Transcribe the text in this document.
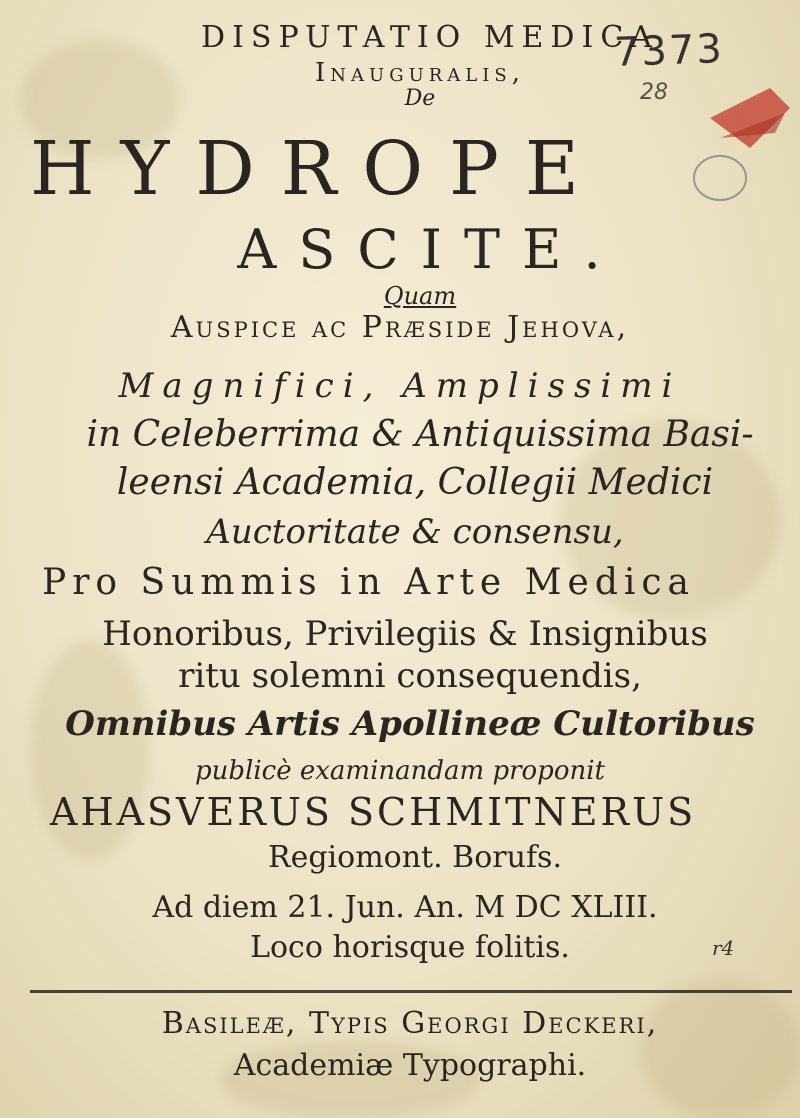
7373
28
DISPUTATIO MEDICA
Inauguralis,
De
HYDROPE
ASCITE.
Quam
Auspice ac Præside Jehova,
Magnifici, Amplissimi
in Celeberrima & Antiquissima Basi-
leensi Academia, Collegii Medici
Auctoritate & consensu,
Pro Summis in Arte Medica
Honoribus, Privilegiis & Insignibus
ritu solemni consequendis,
Omnibus Artis Apollineæ Cultoribus
publicè examinandam proponit
AHASVERUS SCHMITNERUS
Regiomont. Borufs.
Ad diem 21. Jun. An. M DC XLIII.
Loco horisque folitis.	r4
Basileæ, Typis Georgi Deckeri,
Academiæ Typographi.
